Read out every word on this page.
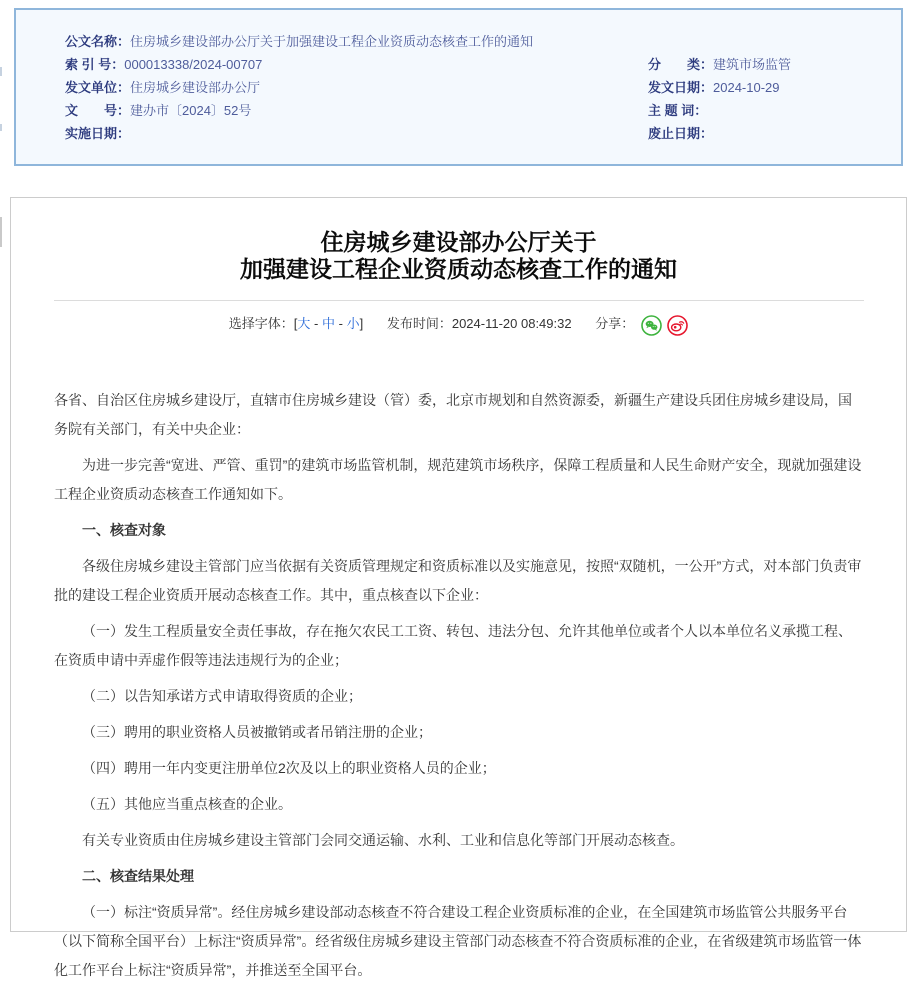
公文名称： 住房城乡建设部办公厅关于加强建设工程企业资质动态核查工作的通知
索 引 号： 000013338/2024-00707	分　　类： 建筑市场监管
发文单位： 住房城乡建设部办公厅	发文日期： 2024-10-29
文　　号： 建办市〔2024〕52号	主 题 词：
实施日期：	废止日期：
住房城乡建设部办公厅关于
加强建设工程企业资质动态核查工作的通知
选择字体：[大 - 中 - 小] 发布时间：2024-11-20 08:49:32 分享：

各省、自治区住房城乡建设厅，直辖市住房城乡建设（管）委，北京市规划和自然资源委，新疆生产建设兵团住房城乡建设局，国务院有关部门，有关中央企业：

为进一步完善“宽进、严管、重罚”的建筑市场监管机制，规范建筑市场秩序，保障工程质量和人民生命财产安全，现就加强建设工程企业资质动态核查工作通知如下。

一、核查对象

各级住房城乡建设主管部门应当依据有关资质管理规定和资质标准以及实施意见，按照“双随机，一公开”方式，对本部门负责审批的建设工程企业资质开展动态核查工作。其中，重点核查以下企业：

（一）发生工程质量安全责任事故，存在拖欠农民工工资、转包、违法分包、允许其他单位或者个人以本单位名义承揽工程、在资质申请中弄虚作假等违法违规行为的企业；

（二）以告知承诺方式申请取得资质的企业；

（三）聘用的职业资格人员被撤销或者吊销注册的企业；

（四）聘用一年内变更注册单位2次及以上的职业资格人员的企业；

（五）其他应当重点核查的企业。

有关专业资质由住房城乡建设主管部门会同交通运输、水利、工业和信息化等部门开展动态核查。

二、核查结果处理

（一）标注“资质异常”。经住房城乡建设部动态核查不符合建设工程企业资质标准的企业，在全国建筑市场监管公共服务平台（以下简称全国平台）上标注“资质异常”。经省级住房城乡建设主管部门动态核查不符合资质标准的企业，在省级建筑市场监管一体化工作平台上标注“资质异常”，并推送至全国平台。
